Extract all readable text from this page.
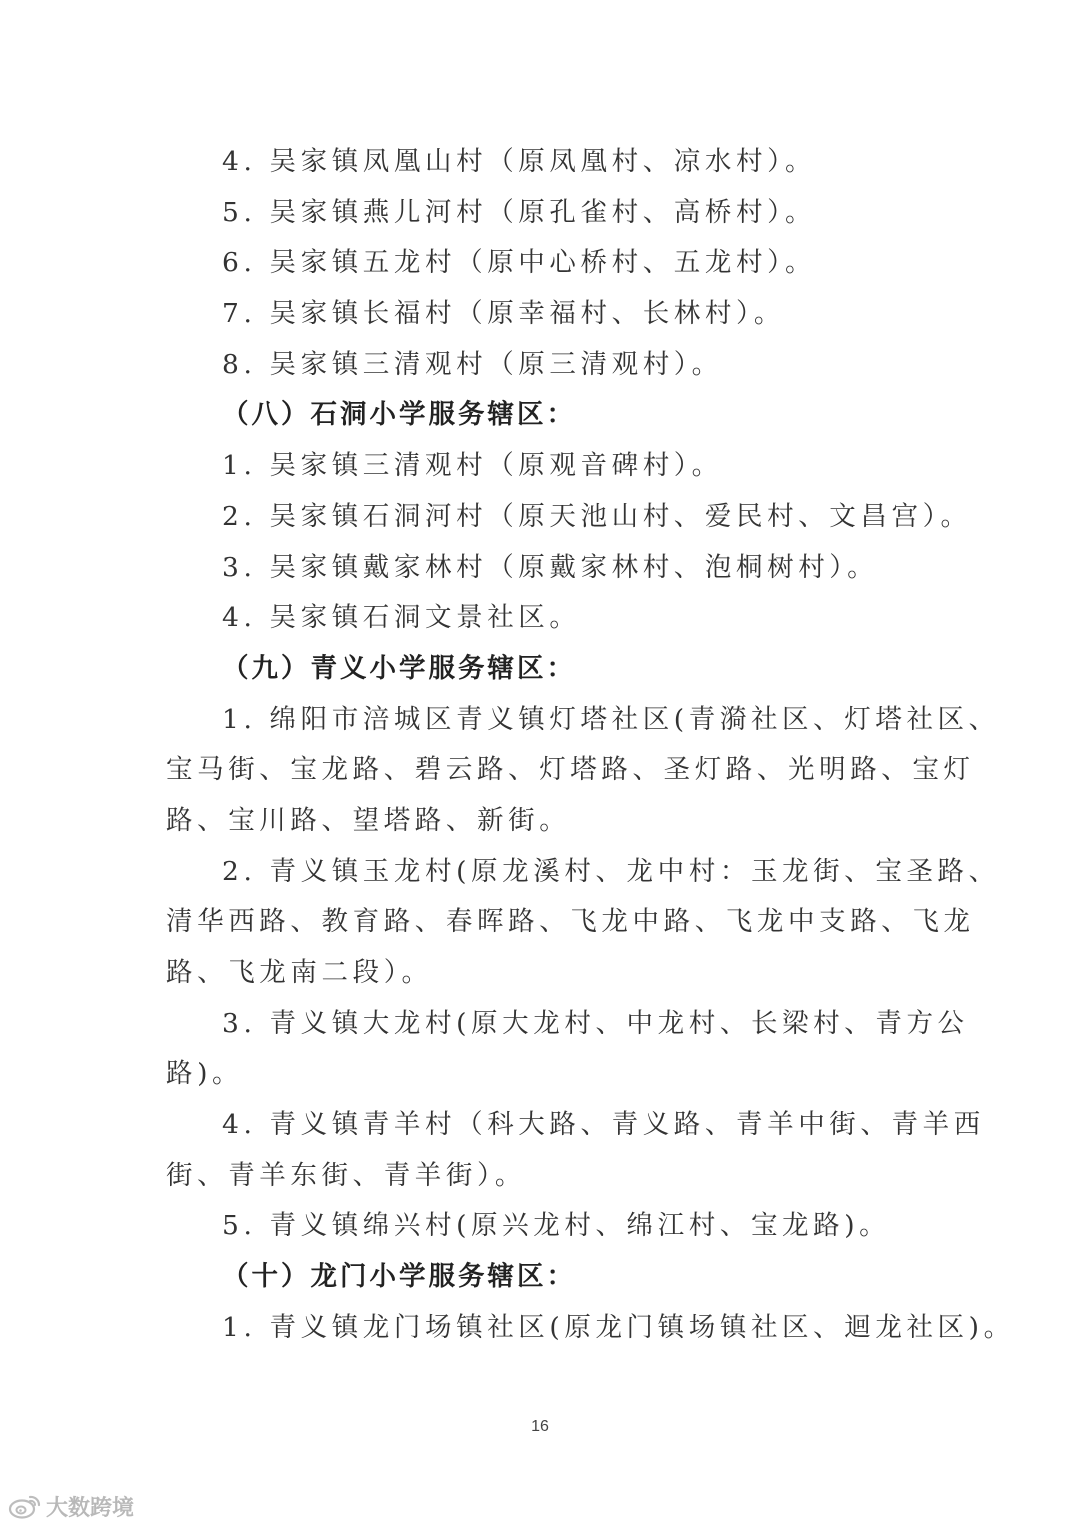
4. 吴家镇凤凰山村（原凤凰村、凉水村）。
5. 吴家镇燕儿河村（原孔雀村、高桥村）。
6. 吴家镇五龙村（原中心桥村、五龙村）。
7. 吴家镇长福村（原幸福村、长林村）。
8. 吴家镇三清观村（原三清观村）。
（八）石洞小学服务辖区：
1. 吴家镇三清观村（原观音碑村）。
2. 吴家镇石洞河村（原天池山村、爱民村、文昌宫）。
3. 吴家镇戴家林村（原戴家林村、泡桐树村）。
4. 吴家镇石洞文景社区。
（九）青义小学服务辖区：
1. 绵阳市涪城区青义镇灯塔社区(青漪社区、灯塔社区、
宝马街、宝龙路、碧云路、灯塔路、圣灯路、光明路、宝灯
路、宝川路、望塔路、新街。
2. 青义镇玉龙村(原龙溪村、龙中村：玉龙街、宝圣路、
清华西路、教育路、春晖路、飞龙中路、飞龙中支路、飞龙
路、飞龙南二段）。
3. 青义镇大龙村(原大龙村、中龙村、长梁村、青方公
路)。
4. 青义镇青羊村（科大路、青义路、青羊中街、青羊西
街、青羊东街、青羊街）。
5. 青义镇绵兴村(原兴龙村、绵江村、宝龙路)。
（十）龙门小学服务辖区：
1. 青义镇龙门场镇社区(原龙门镇场镇社区、迴龙社区)。
16
大数跨境
